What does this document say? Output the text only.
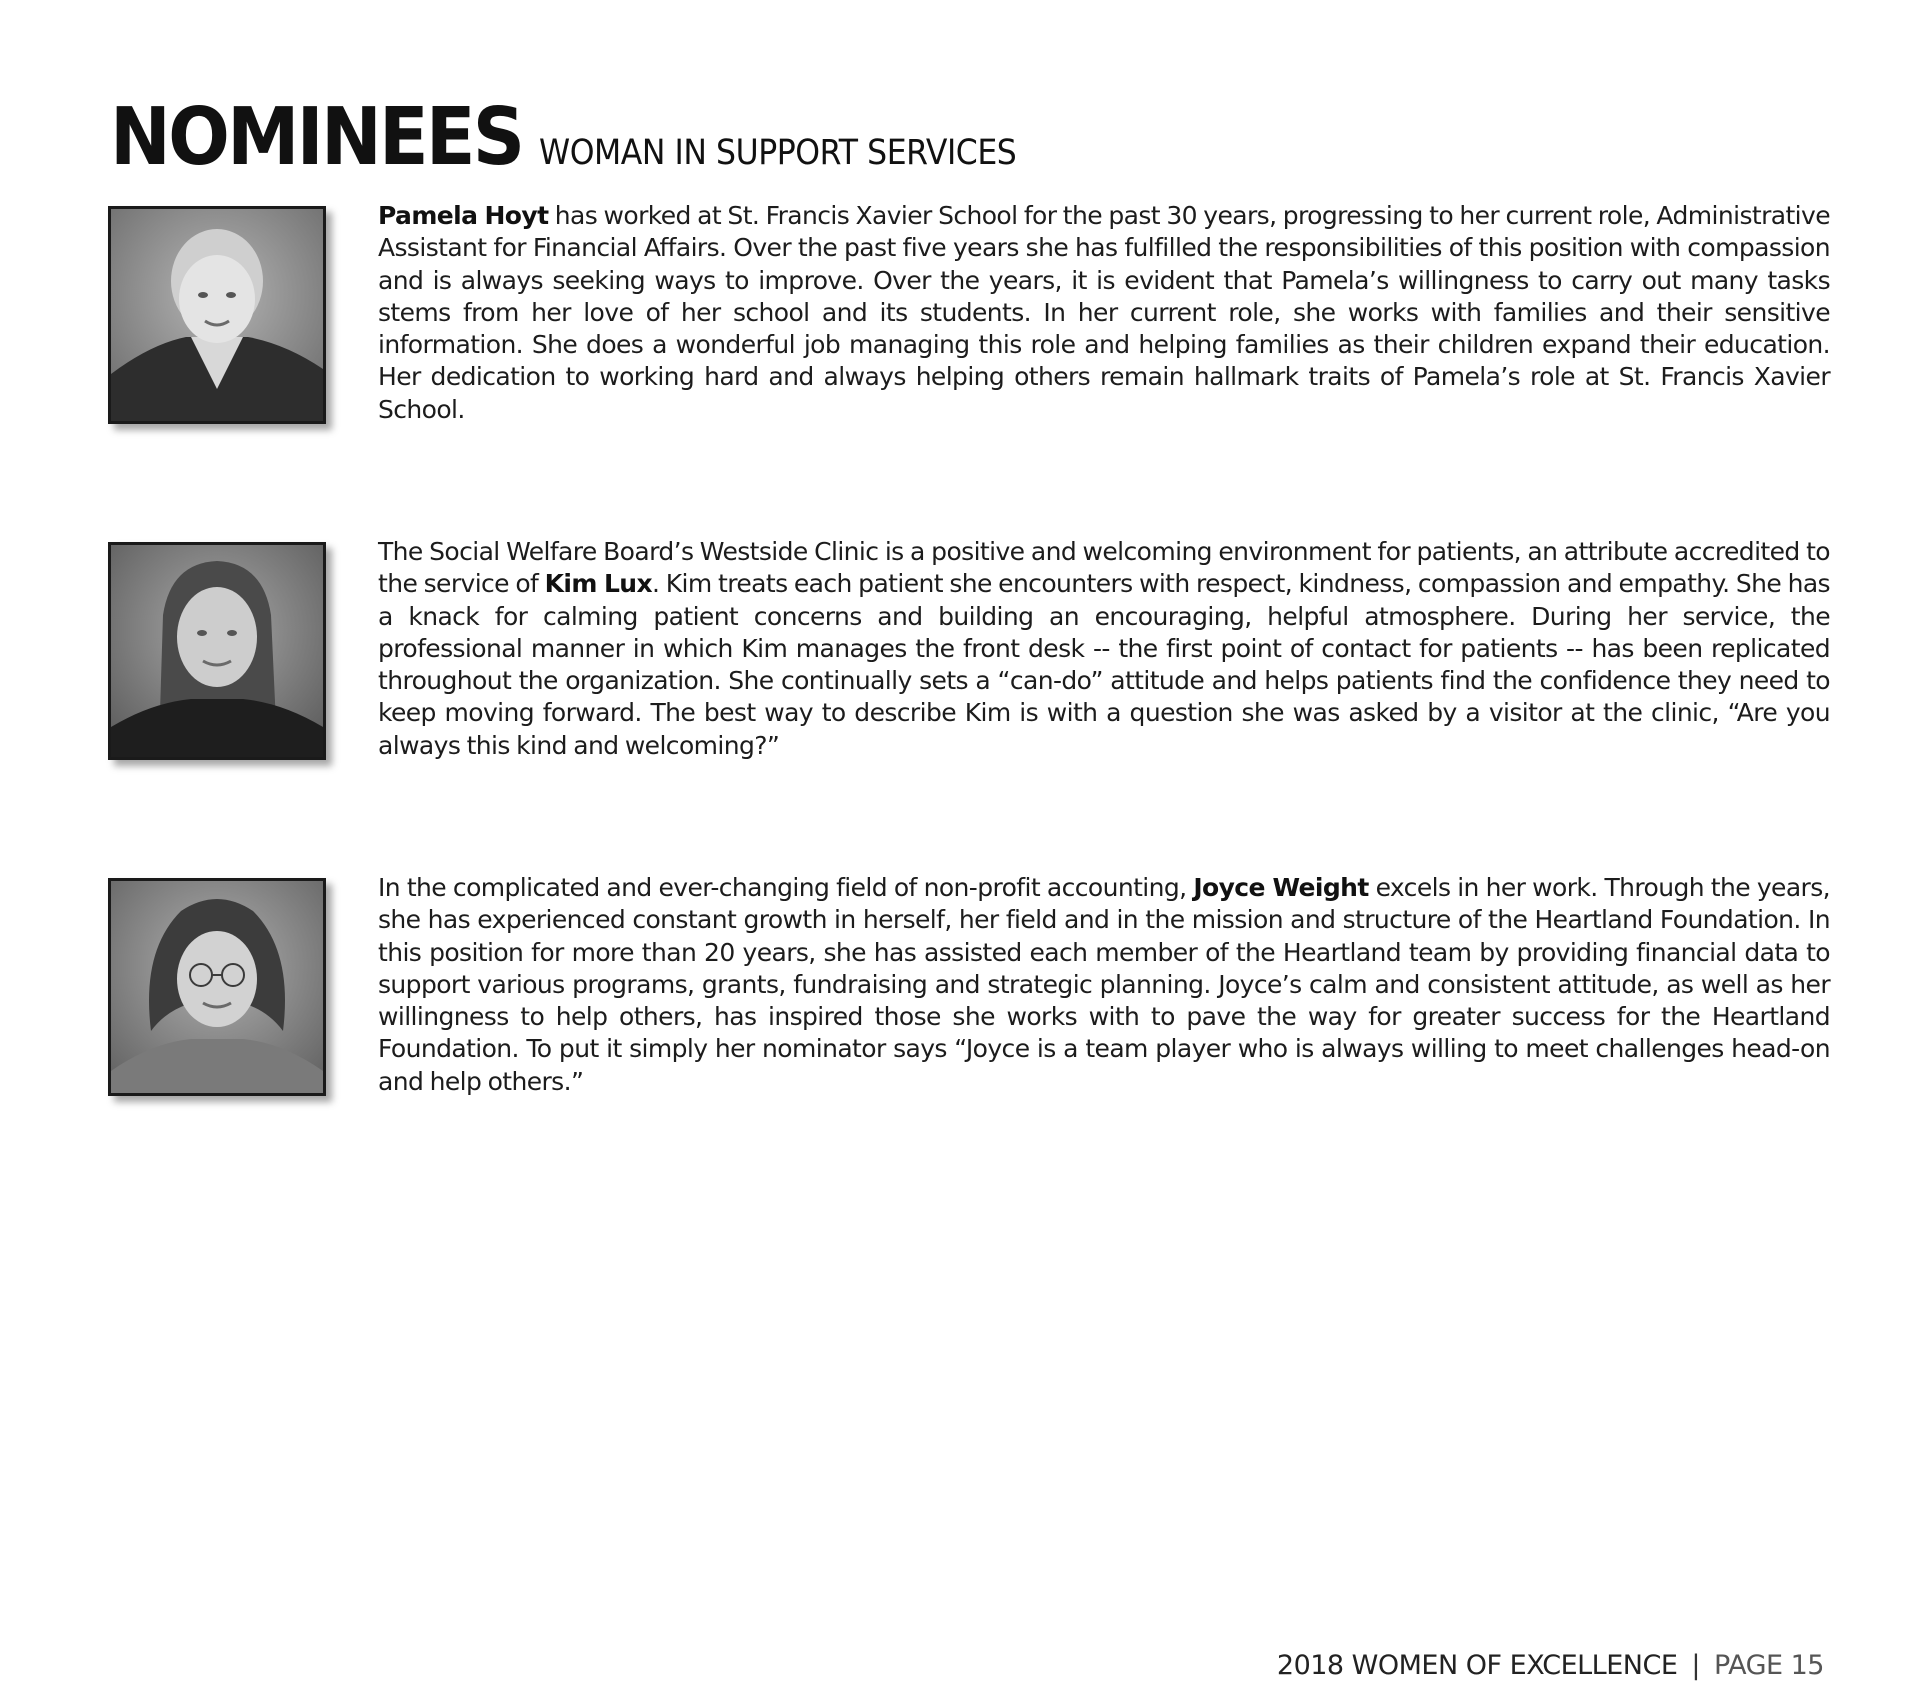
NOMINEES WOMAN IN SUPPORT SERVICES
Pamela Hoyt has worked at St. Francis Xavier School for the past 30 years, progressing to her current role, Administrative Assistant for Financial Affairs. Over the past five years she has fulfilled the responsibilities of this position with compassion and is always seeking ways to improve. Over the years, it is evident that Pamela’s willingness to carry out many tasks stems from her love of her school and its students. In her current role, she works with families and their sensitive information. She does a wonderful job managing this role and helping families as their children expand their education. Her dedication to working hard and always helping others remain hallmark traits of Pamela’s role at St. Francis Xavier School.
The Social Welfare Board’s Westside Clinic is a positive and welcoming environment for patients, an attribute accredited to the service of Kim Lux. Kim treats each patient she encounters with respect, kindness, compassion and empathy. She has a knack for calming patient concerns and building an encouraging, helpful atmosphere. During her service, the professional manner in which Kim manages the front desk -- the first point of contact for patients -- has been replicated throughout the organization. She continually sets a “can-do” attitude and helps patients find the confidence they need to keep moving forward. The best way to describe Kim is with a question she was asked by a visitor at the clinic, “Are you always this kind and welcoming?”
In the complicated and ever-changing field of non-profit accounting, Joyce Weight excels in her work. Through the years, she has experienced constant growth in herself, her field and in the mission and structure of the Heartland Foundation. In this position for more than 20 years, she has assisted each member of the Heartland team by providing financial data to support various programs, grants, fundraising and strategic planning. Joyce’s calm and consistent attitude, as well as her willingness to help others, has inspired those she works with to pave the way for greater success for the Heartland Foundation. To put it simply her nominator says “Joyce is a team player who is always willing to meet challenges head-on and help others.”
2018 WOMEN OF EXCELLENCE | PAGE 15
